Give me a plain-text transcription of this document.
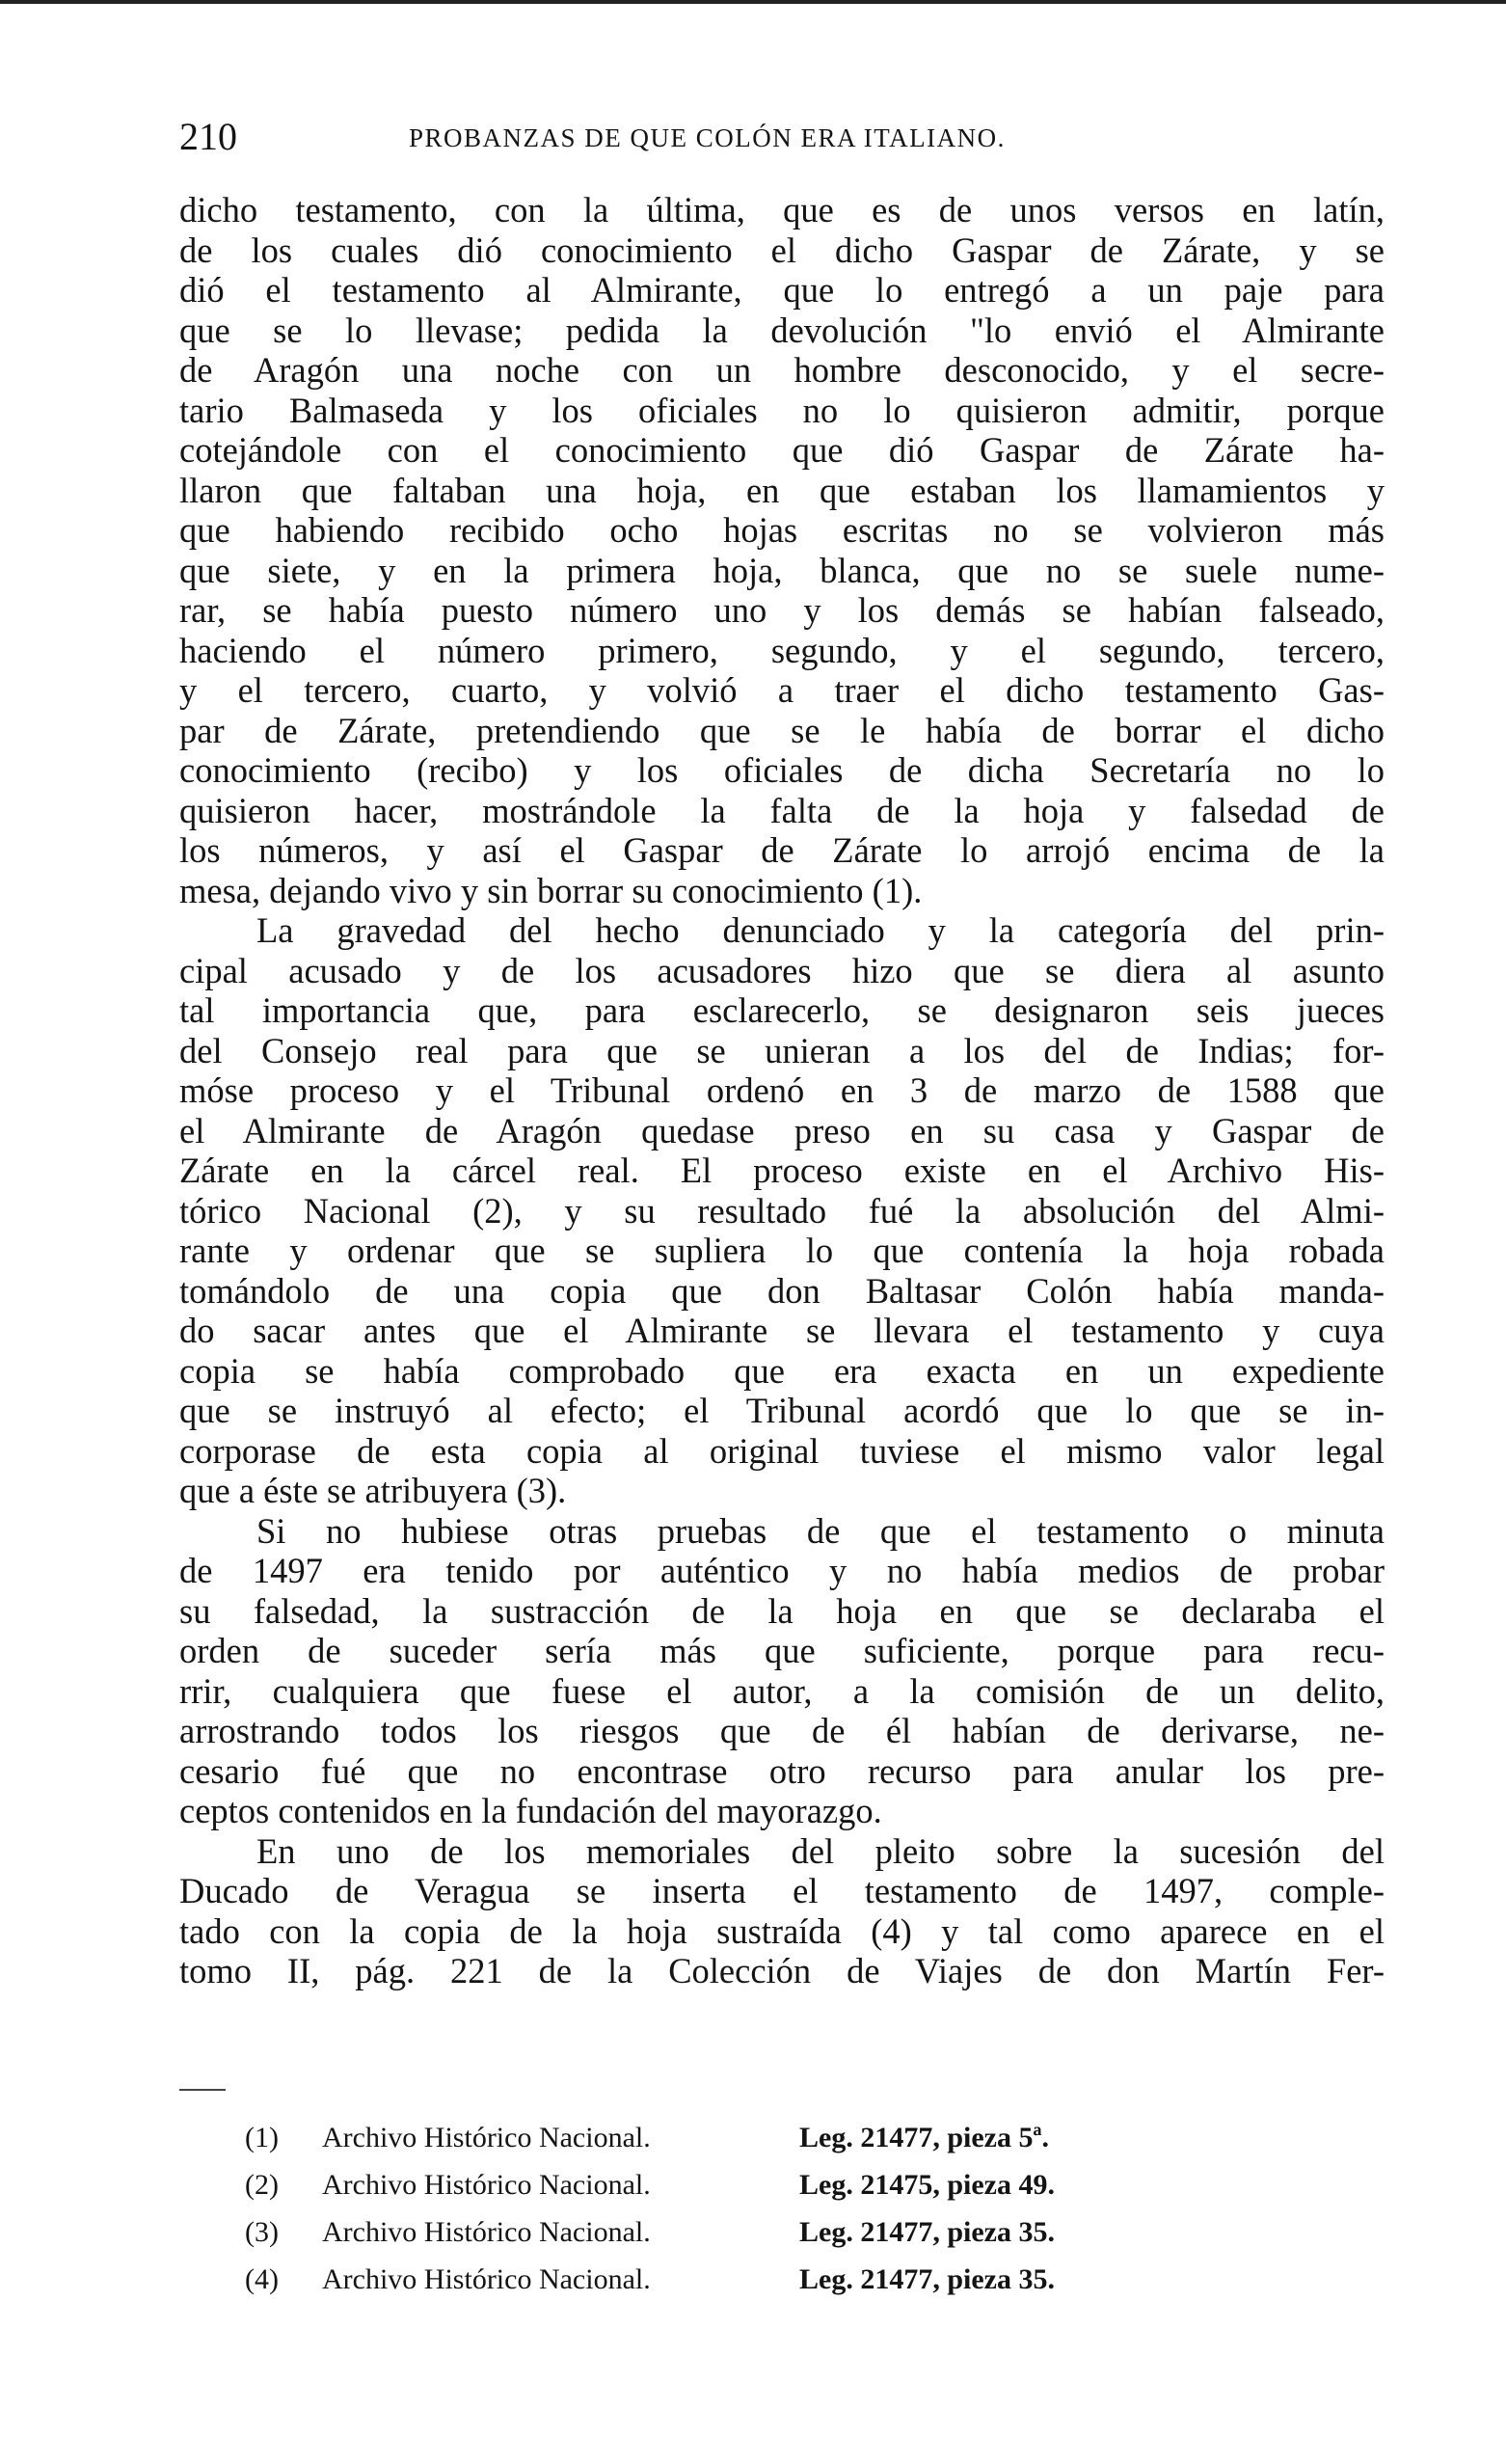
210	PROBANZAS DE QUE COLÓN ERA ITALIANO.
dicho testamento, con la última, que es de unos versos en latín,
de los cuales dió conocimiento el dicho Gaspar de Zárate, y se
dió el testamento al Almirante, que lo entregó a un paje para
que se lo llevase; pedida la devolución "lo envió el Almirante
de Aragón una noche con un hombre desconocido, y el secre-
tario Balmaseda y los oficiales no lo quisieron admitir, porque
cotejándole con el conocimiento que dió Gaspar de Zárate ha-
llaron que faltaban una hoja, en que estaban los llamamientos y
que habiendo recibido ocho hojas escritas no se volvieron más
que siete, y en la primera hoja, blanca, que no se suele nume-
rar, se había puesto número uno y los demás se habían falseado,
haciendo el número primero, segundo, y el segundo, tercero,
y el tercero, cuarto, y volvió a traer el dicho testamento Gas-
par de Zárate, pretendiendo que se le había de borrar el dicho
conocimiento (recibo) y los oficiales de dicha Secretaría no lo
quisieron hacer, mostrándole la falta de la hoja y falsedad de
los números, y así el Gaspar de Zárate lo arrojó encima de la
mesa, dejando vivo y sin borrar su conocimiento (1).
La gravedad del hecho denunciado y la categoría del prin-
cipal acusado y de los acusadores hizo que se diera al asunto
tal importancia que, para esclarecerlo, se designaron seis jueces
del Consejo real para que se unieran a los del de Indias; for-
móse proceso y el Tribunal ordenó en 3 de marzo de 1588 que
el Almirante de Aragón quedase preso en su casa y Gaspar de
Zárate en la cárcel real. El proceso existe en el Archivo His-
tórico Nacional (2), y su resultado fué la absolución del Almi-
rante y ordenar que se supliera lo que contenía la hoja robada
tomándolo de una copia que don Baltasar Colón había manda-
do sacar antes que el Almirante se llevara el testamento y cuya
copia se había comprobado que era exacta en un expediente
que se instruyó al efecto; el Tribunal acordó que lo que se in-
corporase de esta copia al original tuviese el mismo valor legal
que a éste se atribuyera (3).
Si no hubiese otras pruebas de que el testamento o minuta
de 1497 era tenido por auténtico y no había medios de probar
su falsedad, la sustracción de la hoja en que se declaraba el
orden de suceder sería más que suficiente, porque para recu-
rrir, cualquiera que fuese el autor, a la comisión de un delito,
arrostrando todos los riesgos que de él habían de derivarse, ne-
cesario fué que no encontrase otro recurso para anular los pre-
ceptos contenidos en la fundación del mayorazgo.
En uno de los memoriales del pleito sobre la sucesión del
Ducado de Veragua se inserta el testamento de 1497, comple-
tado con la copia de la hoja sustraída (4) y tal como aparece en el
tomo II, pág. 221 de la Colección de Viajes de don Martín Fer-
(1)	Archivo Histórico Nacional.	Leg. 21477, pieza 5ª.
(2)	Archivo Histórico Nacional.	Leg. 21475, pieza 49.
(3)	Archivo Histórico Nacional.	Leg. 21477, pieza 35.
(4)	Archivo Histórico Nacional.	Leg. 21477, pieza 35.
